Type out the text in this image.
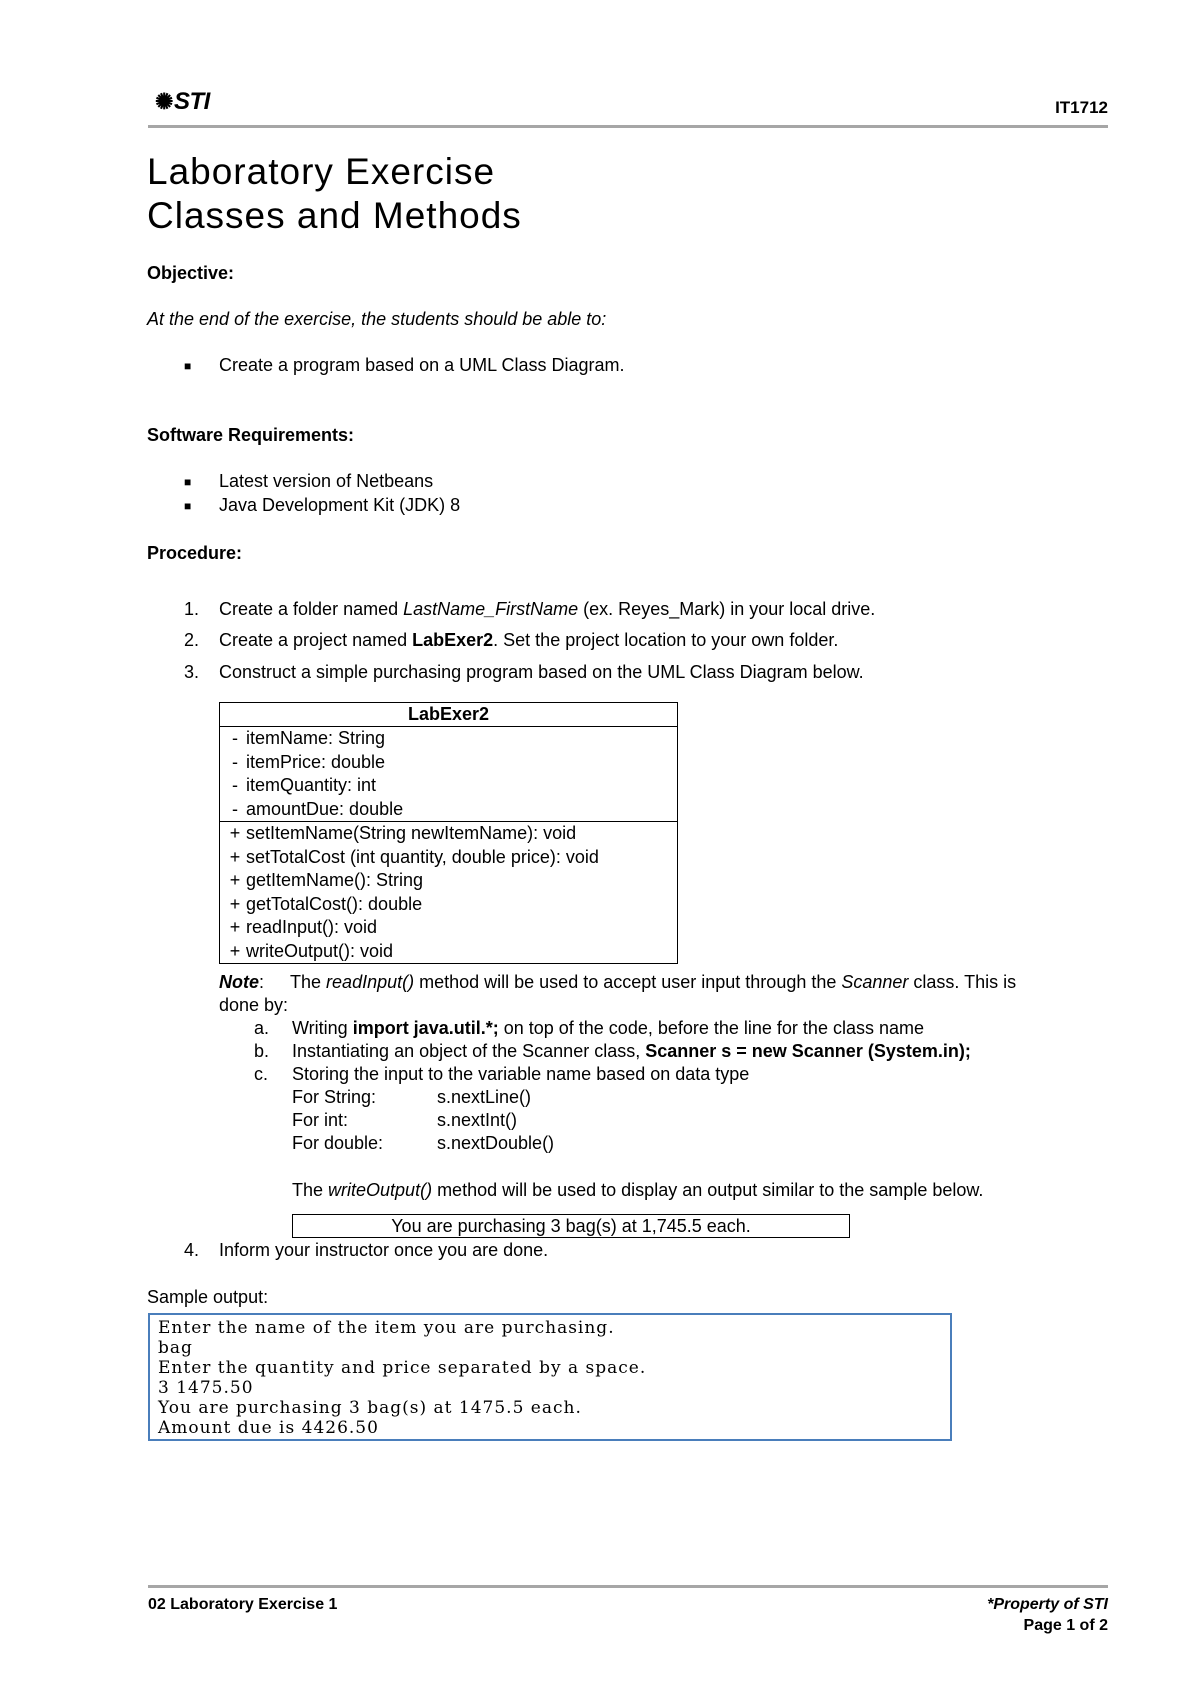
✺STI	IT1712
Laboratory Exercise
Classes and Methods
Objective:
At the end of the exercise, the students should be able to:
■ Create a program based on a UML Class Diagram.
Software Requirements:
■ Latest version of Netbeans
■ Java Development Kit (JDK) 8
Procedure:
1. Create a folder named LastName_FirstName (ex. Reyes_Mark) in your local drive.
2. Create a project named LabExer2. Set the project location to your own folder.
3. Construct a simple purchasing program based on the UML Class Diagram below.
LabExer2
- itemName: String
- itemPrice: double
- itemQuantity: int
- amountDue: double
+ setItemName(String newItemName): void
+ setTotalCost (int quantity, double price): void
+ getItemName(): String
+ getTotalCost(): double
+ readInput(): void
+ writeOutput(): void
Note: The readInput() method will be used to accept user input through the Scanner class. This is
done by:
a. Writing import java.util.*; on top of the code, before the line for the class name
b. Instantiating an object of the Scanner class, Scanner s = new Scanner (System.in);
c. Storing the input to the variable name based on data type
For String:	s.nextLine()
For int:	s.nextInt()
For double:	s.nextDouble()
The writeOutput() method will be used to display an output similar to the sample below.
You are purchasing 3 bag(s) at 1,745.5 each.
4. Inform your instructor once you are done.
Sample output:
Enter the name of the item you are purchasing.
bag
Enter the quantity and price separated by a space.
3 1475.50
You are purchasing 3 bag(s) at 1475.5 each.
Amount due is 4426.50
02 Laboratory Exercise 1	*Property of STI
Page 1 of 2
